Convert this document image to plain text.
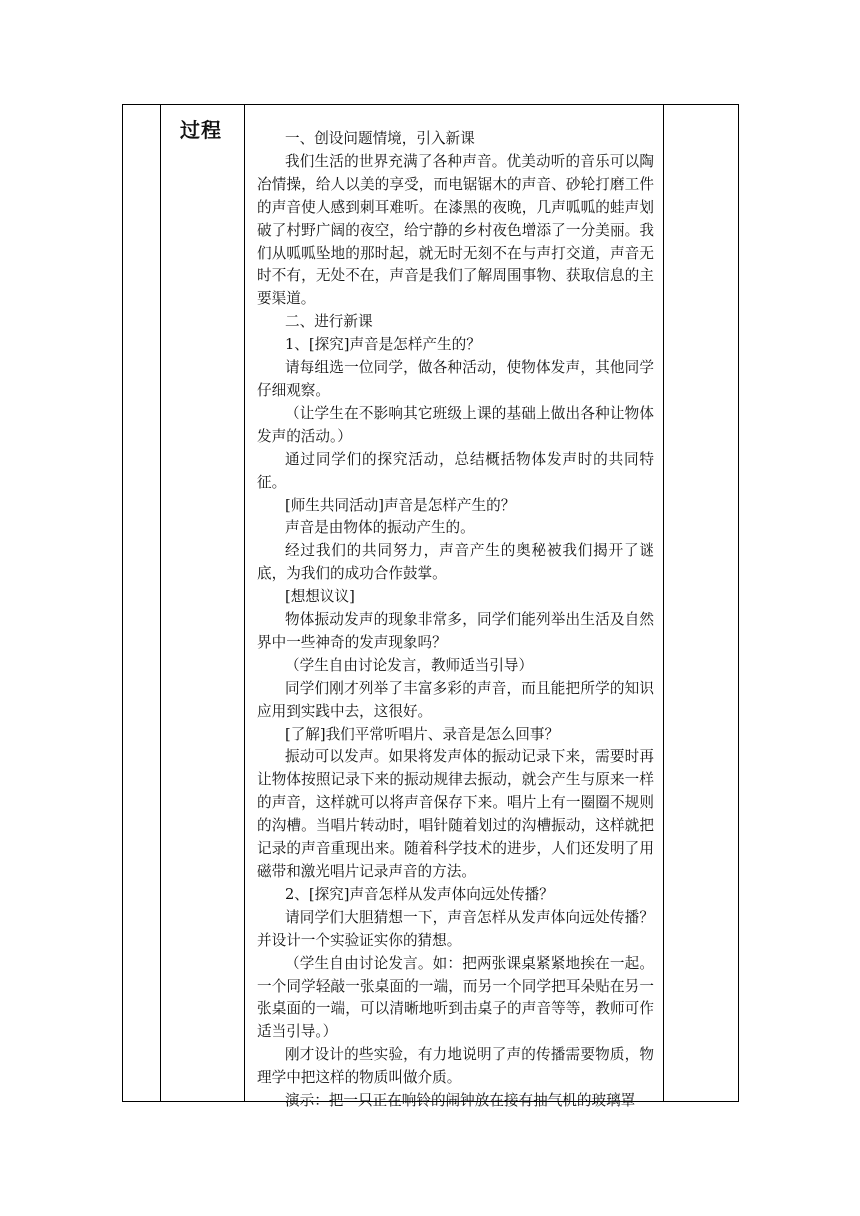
过程	一、创设问题情境，引入新课

我们生活的世界充满了各种声音。优美动听的音乐可以陶冶情操，给人以美的享受，而电锯锯木的声音、砂轮打磨工件的声音使人感到刺耳难听。在漆黑的夜晚，几声呱呱的蛙声划破了村野广阔的夜空，给宁静的乡村夜色增添了一分美丽。我们从呱呱坠地的那时起，就无时无刻不在与声打交道，声音无时不有，无处不在，声音是我们了解周围事物、获取信息的主要渠道。

二、进行新课

1、[探究]声音是怎样产生的？

请每组选一位同学，做各种活动，使物体发声，其他同学仔细观察。

（让学生在不影响其它班级上课的基础上做出各种让物体发声的活动。）

通过同学们的探究活动，总结概括物体发声时的共同特征。

[师生共同活动]声音是怎样产生的？

声音是由物体的振动产生的。

经过我们的共同努力，声音产生的奥秘被我们揭开了谜底，为我们的成功合作鼓掌。

[想想议议]

物体振动发声的现象非常多，同学们能列举出生活及自然界中一些神奇的发声现象吗？

（学生自由讨论发言，教师适当引导）

同学们刚才列举了丰富多彩的声音，而且能把所学的知识应用到实践中去，这很好。

[了解]我们平常听唱片、录音是怎么回事？

振动可以发声。如果将发声体的振动记录下来，需要时再让物体按照记录下来的振动规律去振动，就会产生与原来一样的声音，这样就可以将声音保存下来。唱片上有一圈圈不规则的沟槽。当唱片转动时，唱针随着划过的沟槽振动，这样就把记录的声音重现出来。随着科学技术的进步，人们还发明了用磁带和激光唱片记录声音的方法。

2、[探究]声音怎样从发声体向远处传播？

请同学们大胆猜想一下，声音怎样从发声体向远处传播？并设计一个实验证实你的猜想。

（学生自由讨论发言。如：把两张课桌紧紧地挨在一起。一个同学轻敲一张桌面的一端，而另一个同学把耳朵贴在另一张桌面的一端，可以清晰地听到击桌子的声音等等，教师可作适当引导。）

刚才设计的些实验，有力地说明了声的传播需要物质，物理学中把这样的物质叫做介质。

演示：把一只正在响铃的闹钟放在接有抽气机的玻璃罩
